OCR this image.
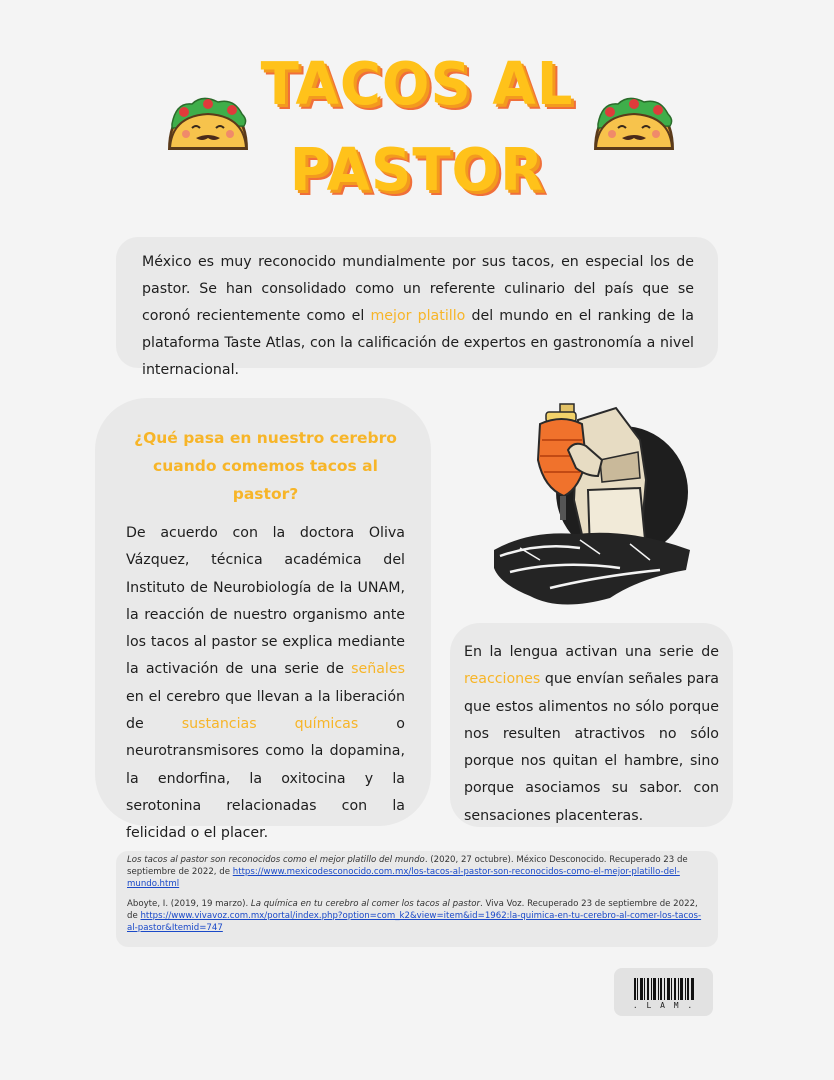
TACOS AL
PASTOR
México es muy reconocido mundialmente por sus tacos, en especial los de pastor. Se han consolidado como un referente culinario del país que se coronó recientemente como el mejor platillo del mundo en el ranking de la plataforma Taste Atlas, con la calificación de expertos en gastronomía a nivel internacional.
¿Qué pasa en nuestro cerebro cuando comemos tacos al pastor?

De acuerdo con la doctora Oliva Vázquez, técnica académica del Instituto de Neurobiología de la UNAM, la reacción de nuestro organismo ante los tacos al pastor se explica mediante la activación de una serie de señales en el cerebro que llevan a la liberación de sustancias químicas o neurotransmisores como la dopamina, la endorfina, la oxitocina y la serotonina relacionadas con la felicidad o el placer.

En la lengua activan una serie de reacciones que envían señales para que estos alimentos no sólo porque nos resulten atractivos no sólo porque nos quitan el hambre, sino porque asociamos su sabor. con sensaciones placenteras.

Los tacos al pastor son reconocidos como el mejor platillo del mundo. (2020, 27 octubre). México Desconocido. Recuperado 23 de septiembre de 2022, de https://www.mexicodesconocido.com.mx/los-tacos-al-pastor-son-reconocidos-como-el-mejor-platillo-del-mundo.html

Aboyte, I. (2019, 19 marzo). La química en tu cerebro al comer los tacos al pastor. Viva Voz. Recuperado 23 de septiembre de 2022, de https://www.vivavoz.com.mx/portal/index.php?option=com_k2&view=item&id=1962:la-quimica-en-tu-cerebro-al-comer-los-tacos-al-pastor&Itemid=747

. L A M .
